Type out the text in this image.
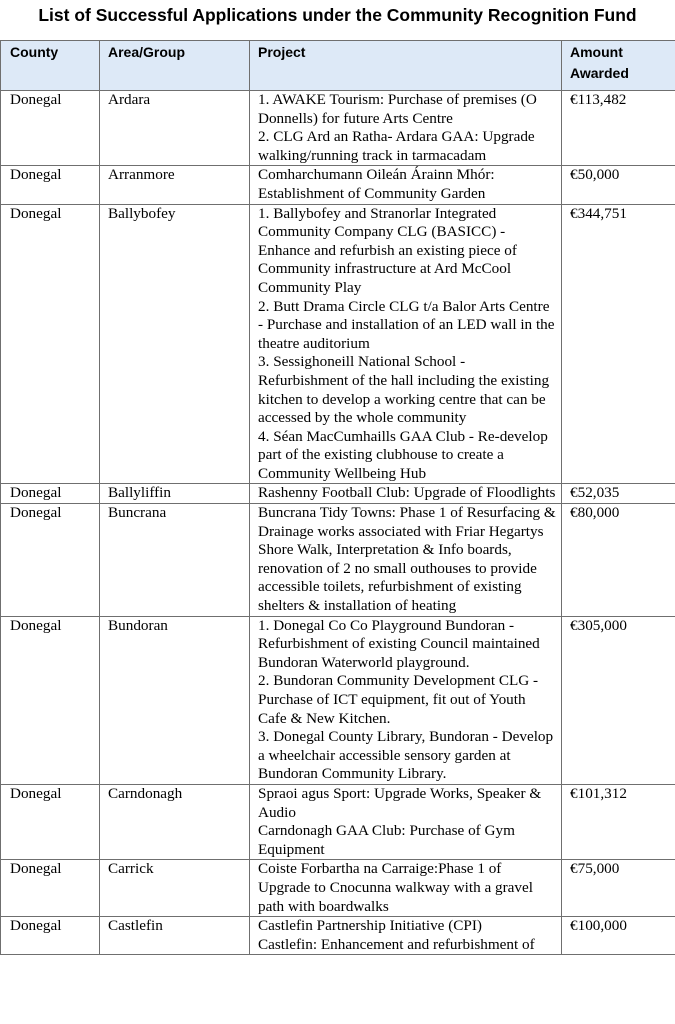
List of Successful Applications under the Community Recognition Fund
County	Area/Group	Project	Amount Awarded
Donegal	Ardara	1. AWAKE Tourism: Purchase of premises (O Donnells) for future Arts Centre
2. CLG Ard an Ratha- Ardara GAA: Upgrade walking/running track in tarmacadam	€113,482
Donegal	Arranmore	Comharchumann Oileán Árainn Mhór: Establishment of Community Garden	€50,000
Donegal	Ballybofey	1. Ballybofey and Stranorlar Integrated Community Company CLG (BASICC) - Enhance and refurbish an existing piece of Community infrastructure at Ard McCool Community Play
2. Butt Drama Circle CLG t/a Balor Arts Centre - Purchase and installation of an LED wall in the theatre auditorium
3. Sessighoneill National School - Refurbishment of the hall including the existing kitchen to develop a working centre that can be accessed by the whole community
4. Séan MacCumhaills GAA Club - Re-develop part of the existing clubhouse to create a Community Wellbeing Hub	€344,751
Donegal	Ballyliffin	Rashenny Football Club: Upgrade of Floodlights	€52,035
Donegal	Buncrana	Buncrana Tidy Towns: Phase 1 of Resurfacing & Drainage works associated with Friar Hegartys Shore Walk, Interpretation & Info boards, renovation of 2 no small outhouses to provide accessible toilets, refurbishment of existing shelters & installation of heating	€80,000
Donegal	Bundoran	1. Donegal Co Co Playground Bundoran - Refurbishment of existing Council maintained Bundoran Waterworld playground.
2. Bundoran Community Development CLG - Purchase of ICT equipment, fit out of Youth Cafe & New Kitchen.
3. Donegal County Library, Bundoran - Develop a wheelchair accessible sensory garden at Bundoran Community Library.	€305,000
Donegal	Carndonagh	Spraoi agus Sport: Upgrade Works, Speaker & Audio
Carndonagh GAA Club: Purchase of Gym Equipment	€101,312
Donegal	Carrick	Coiste Forbartha na Carraige:Phase 1 of Upgrade to Cnocunna walkway with a gravel path with boardwalks	€75,000
Donegal	Castlefin	Castlefin Partnership Initiative (CPI)
Castlefin: Enhancement and refurbishment of	€100,000
